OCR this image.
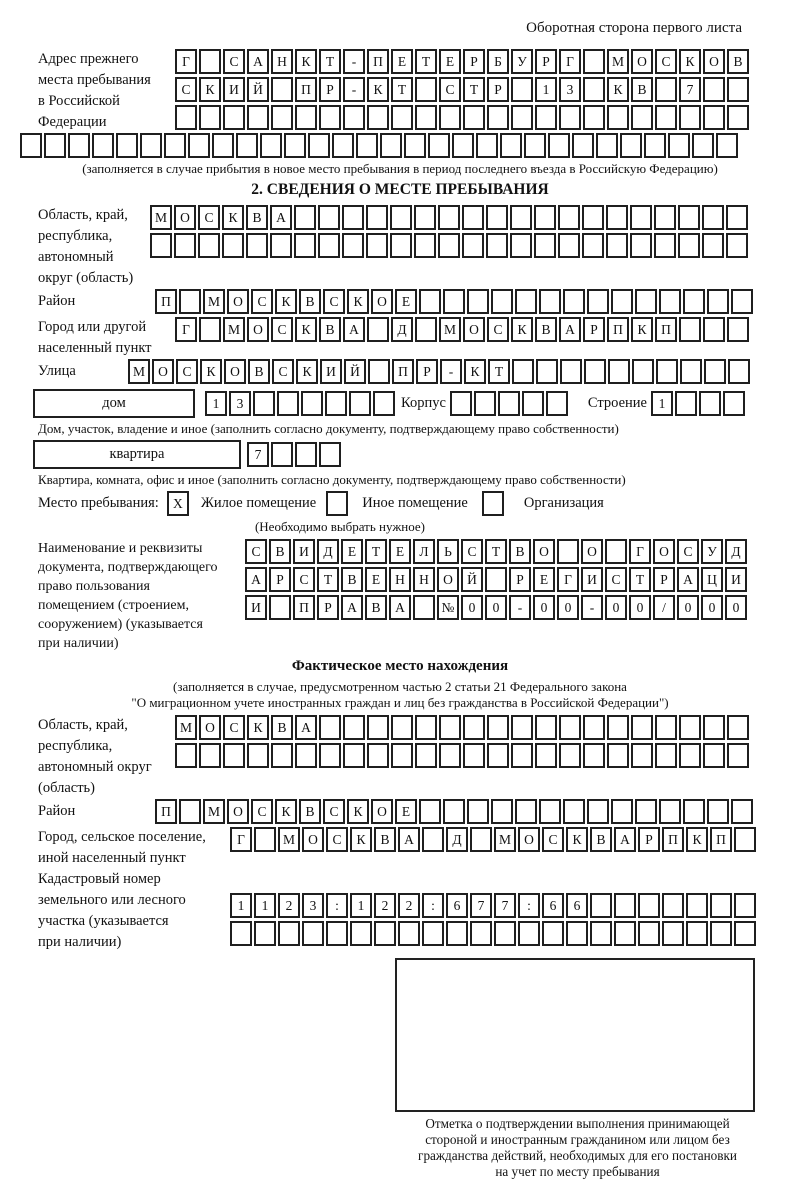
Оборотная сторона первого листа
Адрес прежнего
места пребывания
в Российской
Федерации
Г	С	А	Н	К	Т	-	П	Е	Т	Е	Р	Б	У	Р	Г	М О	С	К	О	В
С	К	И	Й	П	Р	-	К	Т	С	Т	Р	1	3	К	В	7
(заполняется в случае прибытия в новое место пребывания в период последнего въезда в Российскую Федерацию)
2. СВЕДЕНИЯ О МЕСТЕ ПРЕБЫВАНИЯ
Область, край,
республика,
автономный
округ (область)
М О	С	К	В	А
Район	П	М О	С	К	В	С	К	О	Е
Город или другой
населенный пункт
Г	М О	С	К	В	А	Д	М О	С	К	В	А	Р	П	К	П
Улица	М О	С	К	О	В	С	К	И	Й	П	Р	-	К	Т
дом	1	3	Корпус	Строение 1
Дом, участок, владение и иное (заполнить согласно документу, подтверждающему право собственности)
квартира	7
Квартира, комната, офис и иное (заполнить согласно документу, подтверждающему право собственности)
Место пребывания:	X	Жилое помещение	Иное помещение	Организация
(Необходимо выбрать нужное)
Наименование и реквизиты
документа, подтверждающего
право пользования
помещением (строением,
сооружением) (указывается
при наличии)
С	В	И	Д	Е	Т	Е	Л	Ь	С	Т	В	О	О	Г	О	С	У	Д
А	Р	С	Т	В	Е	Н	Н	О	Й	Р	Е	Г	И	С	Т	Р	А	Ц	И
И	П	Р	А	В	А	№	0	0	-	0	0	-	0	0	/	0	0	0
Фактическое место нахождения
(заполняется в случае, предусмотренном частью 2 статьи 21 Федерального закона
"О миграционном учете иностранных граждан и лиц без гражданства в Российской Федерации")
Область, край,
республика,
автономный округ
(область)
М О	С	К	В	А
Район	П	М О	С	К	В	С	К	О	Е
Город, сельское поселение,
иной населенный пункт
Г	М О	С	К	В	А	Д	М О	С	К	В	А	Р	П	К	П
Кадастровый номер
земельного или лесного
участка (указывается
при наличии)
1	1	2	3	:	1	2	2	:	6	7	7	:	6	6
Отметка о подтверждении выполнения принимающей
стороной и иностранным гражданином или лицом без
гражданства действий, необходимых для его постановки
на учет по месту пребывания
